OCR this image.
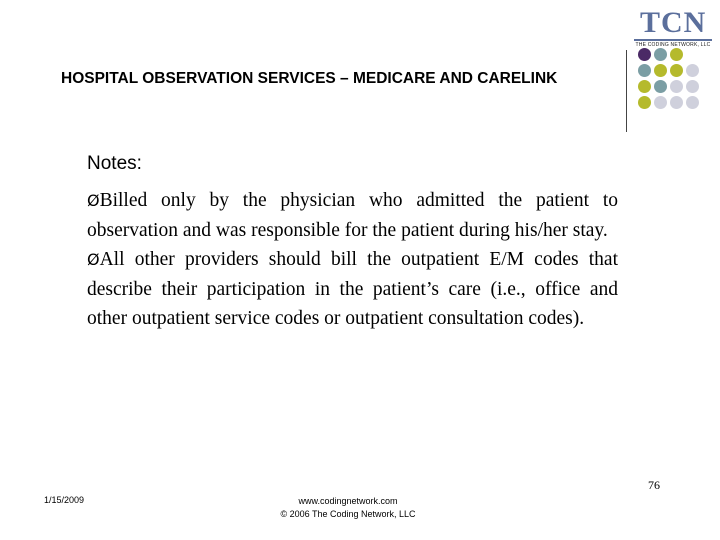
TCN
THE CODING NETWORK, LLC
HOSPITAL OBSERVATION SERVICES – MEDICARE AND CARELINK
Notes:

ØBilled only by the physician who admitted the patient to observation and was responsible for the patient during his/her stay.

ØAll other providers should bill the outpatient E/M codes that describe their participation in the patient’s care (i.e., office and other outpatient service codes or outpatient consultation codes).

76
1/15/2009	www.codingnetwork.com
© 2006 The Coding Network, LLC
